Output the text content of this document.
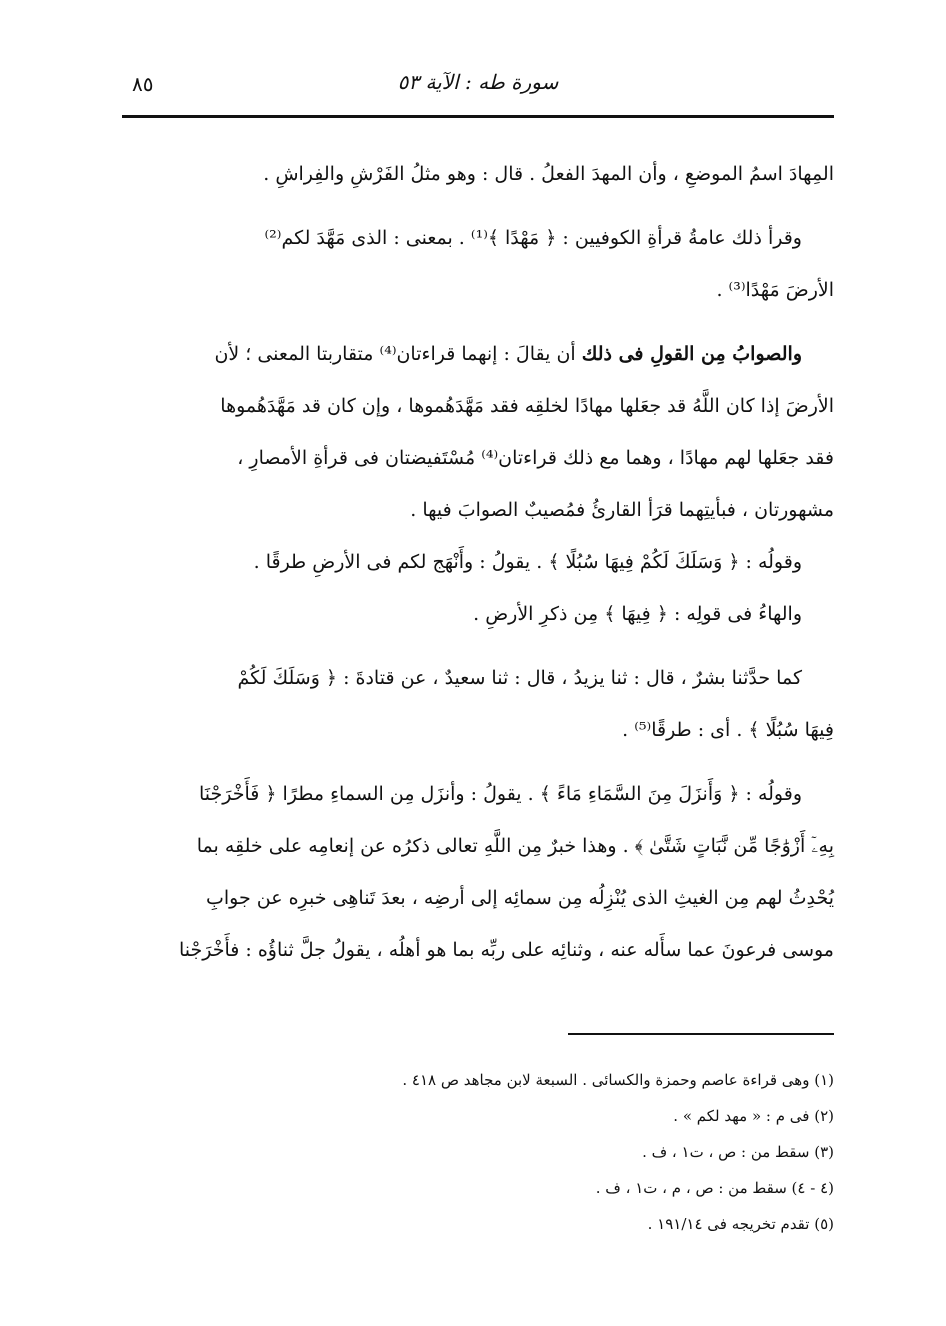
٨٥	سورة طه : الآية ٥٣

المِهادَ اسمُ الموضعِ ، وأن المهدَ الفعلُ . قال : وهو مثلُ الفَرْشِ والفِراشِ .

وقرأ ذلك عامةُ قرأةِ الكوفيين : ﴿ مَهْدًا ﴾⁽¹⁾ . بمعنى : الذى مَهَّدَ لكم⁽²⁾
الأرضَ مَهْدًا⁽³⁾ .

والصوابُ مِن القولِ فى ذلك أن يقالَ : إنهما قراءتان⁽⁴⁾ متقاربتا المعنى ؛ لأن
الأرضَ إذا كان اللَّهُ قد جعَلها مهادًا لخلقِه فقد مَهَّدَهُموها ، وإن كان قد مَهَّدَهُموها
فقد جعَلها لهم مهادًا ، وهما مع ذلك قراءتان⁽⁴⁾ مُسْتَفيضتان فى قرأةِ الأمصارِ ،
مشهورتان ، فبأيتِهما قرَأ القارئُ فمُصيبٌ الصوابَ فيها .

وقولُه : ﴿ وَسَلَكَ لَكُمْ فِيهَا سُبُلًا ﴾ . يقولُ : وأَنْهَج لكم فى الأرضِ طرقًا .

والهاءُ فى قولِه : ﴿ فِيهَا ﴾ مِن ذكرِ الأرضِ .

كما حدَّثنا بشرٌ ، قال : ثنا يزيدُ ، قال : ثنا سعيدٌ ، عن قتادةَ : ﴿ وَسَلَكَ لَكُمْ
فِيهَا سُبُلًا ﴾ . أى : طرقًا⁽⁵⁾ .

وقولُه : ﴿ وَأَنزَلَ مِنَ السَّمَاءِ مَاءً ﴾ . يقولُ : وأنزَل مِن السماءِ مطرًا ﴿ فَأَخْرَجْنَا
بِهِۦٓ أَزْوَٰجًا مِّن نَّبَاتٍ شَتَّىٰ ﴾ . وهذا خبرٌ مِن اللَّهِ تعالى ذكرُه عن إنعامِه على خلقِه بما
يُحْدِثُ لهم مِن الغيثِ الذى يُنْزِلُه مِن سمائِه إلى أرضِه ، بعدَ تَناهِى خبرِه عن جوابِ
موسى فرعونَ عما سأَله عنه ، وثنائِه على ربِّه بما هو أهلُه ، يقولُ جلَّ ثناؤُه : فأَخْرَجْنا

(١) وهى قراءة عاصم وحمزة والكسائى . السبعة لابن مجاهد ص ٤١٨ .

(٢) فى م : « مهد لكم » .

(٣) سقط من : ص ، ت١ ، ف .

(٤ - ٤) سقط من : ص ، م ، ت١ ، ف .

(٥) تقدم تخريجه فى ١٩١/١٤ .
